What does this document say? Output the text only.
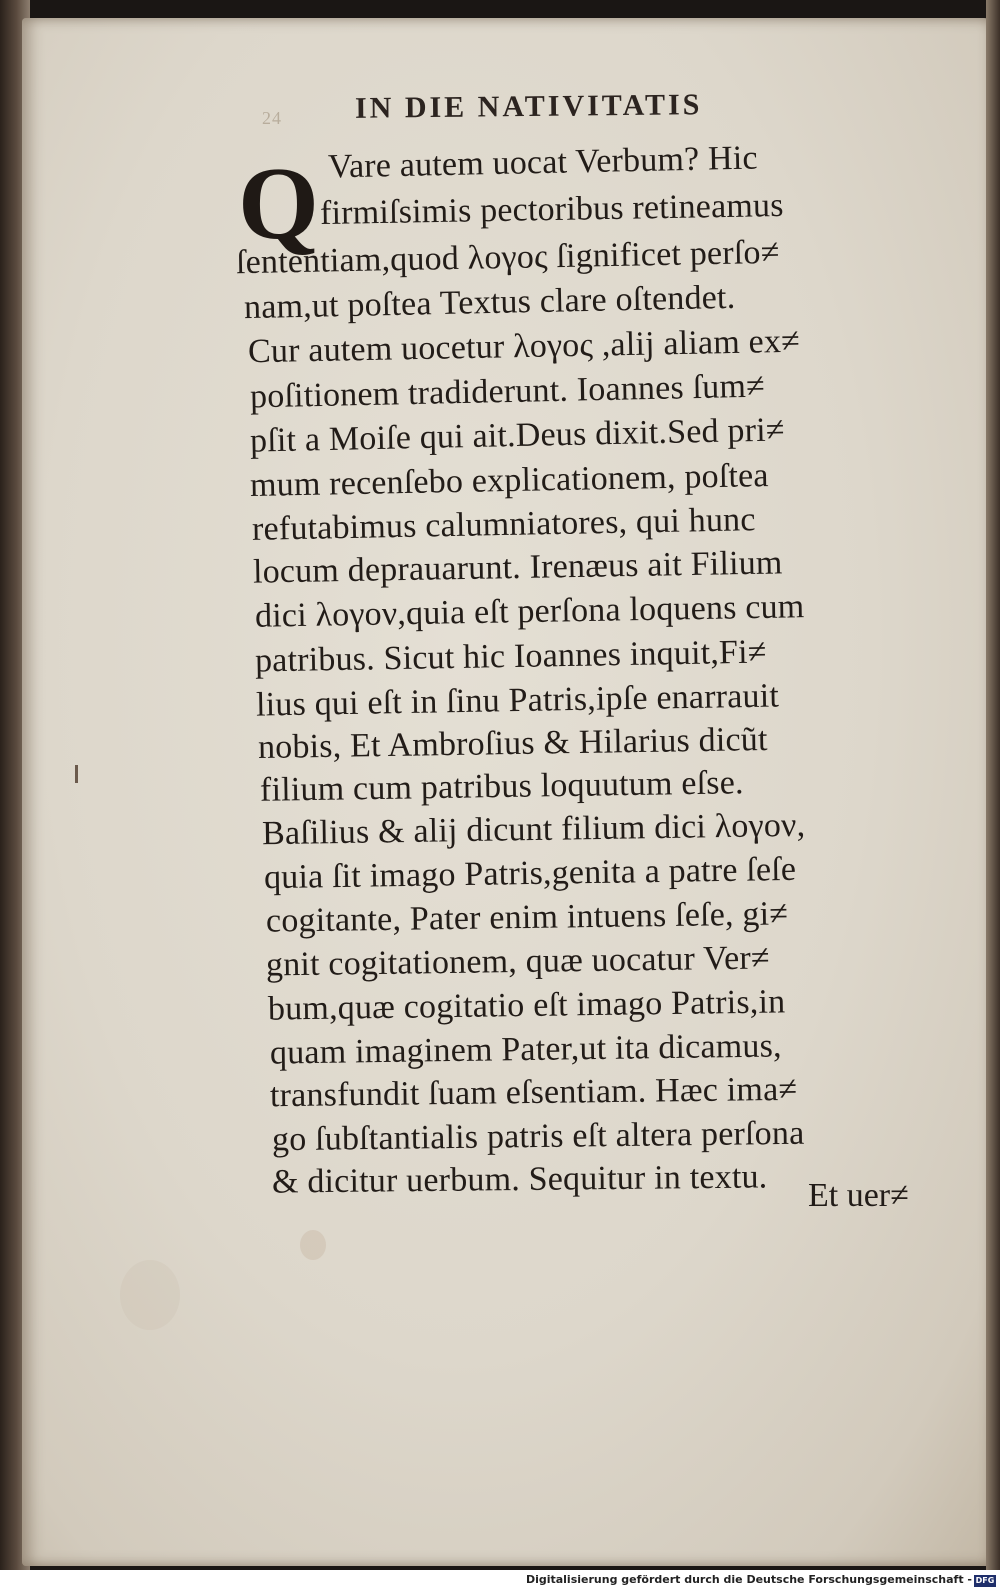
24 IN DIE NATIVITATIS
Q Vare autem uocat Verbum? Hic
firmiſsimis pectoribus retineamus
ſententiam,quod λογος ſignificet perſo≠
nam,ut poſtea Textus clare oſtendet.
Cur autem uocetur λογος ,alij aliam ex≠
poſitionem tradiderunt. Ioannes ſum≠
pſit a Moiſe qui ait.Deus dixit.Sed pri≠
mum recenſebo explicationem, poſtea
refutabimus calumniatores, qui hunc
locum deprauarunt. Irenæus ait Filium
dici λογον,quia eſt perſona loquens cum
patribus. Sicut hic Ioannes inquit,Fi≠
lius qui eſt in ſinu Patris,ipſe enarrauit
nobis, Et Ambroſius & Hilarius dicũt
filium cum patribus loquutum eſse.
Baſilius & alij dicunt filium dici λογον,
quia ſit imago Patris,genita a patre ſeſe
cogitante, Pater enim intuens ſeſe, gi≠
gnit cogitationem, quæ uocatur Ver≠
bum,quæ cogitatio eſt imago Patris,in
quam imaginem Pater,ut ita dicamus,
transfundit ſuam eſsentiam. Hæc ima≠
go ſubſtantialis patris eſt altera perſona
& dicitur uerbum. Sequitur in textu. Et uer≠
Digitalisierung gefördert durch die Deutsche Forschungsgemeinschaft - DFG
